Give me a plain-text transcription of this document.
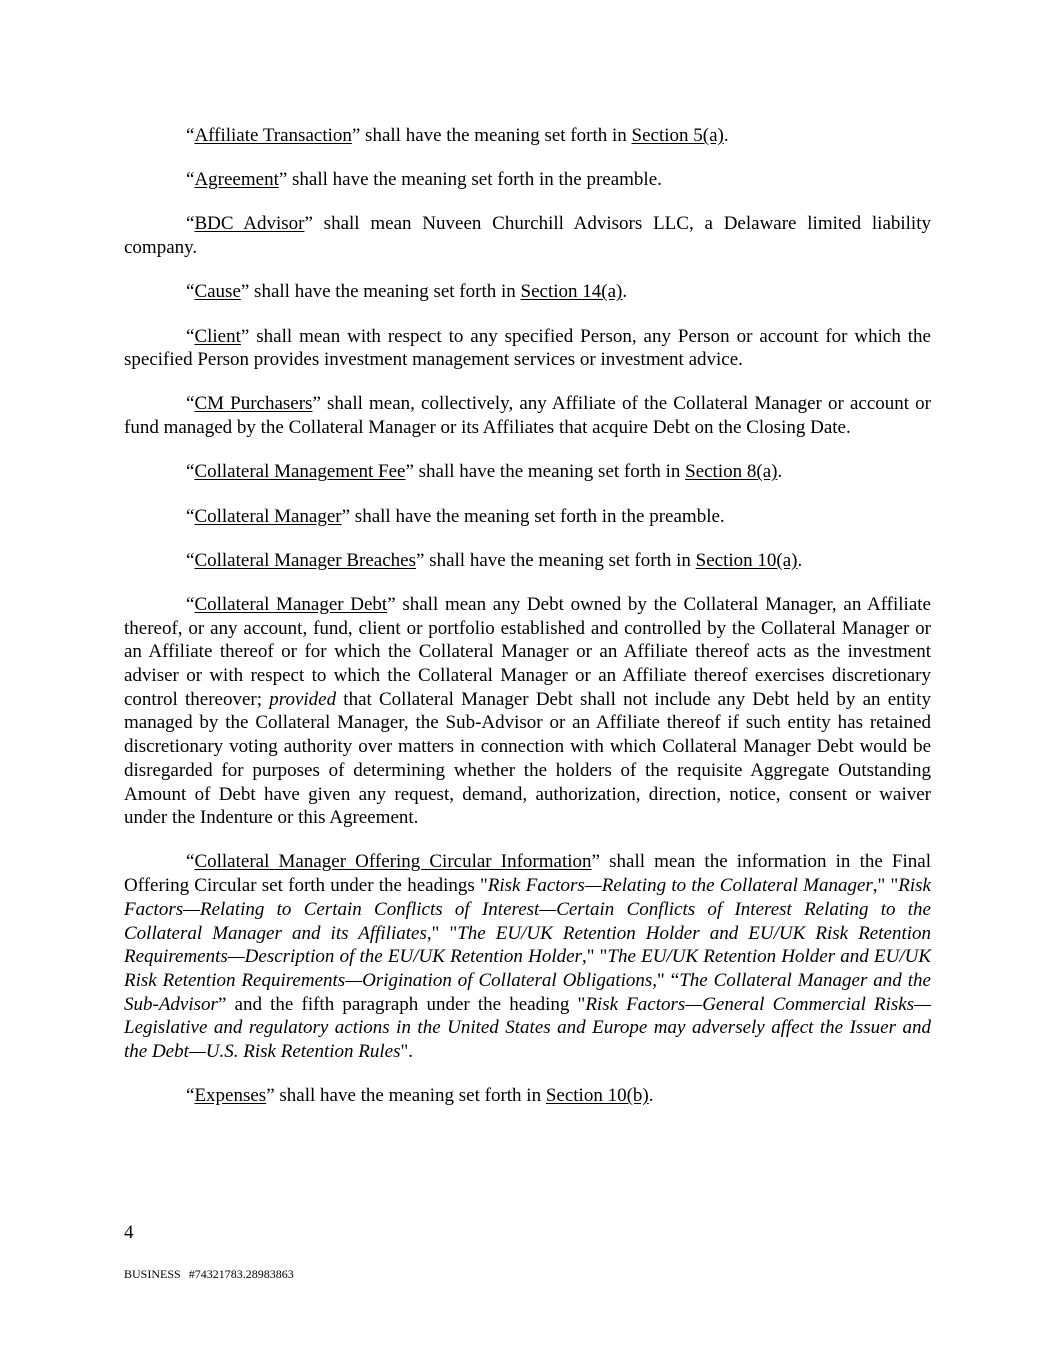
“Affiliate Transaction” shall have the meaning set forth in Section 5(a).

“Agreement” shall have the meaning set forth in the preamble.

“BDC Advisor” shall mean Nuveen Churchill Advisors LLC, a Delaware limited liability company.

“Cause” shall have the meaning set forth in Section 14(a).

“Client” shall mean with respect to any specified Person, any Person or account for which the specified Person provides investment management services or investment advice.

“CM Purchasers” shall mean, collectively, any Affiliate of the Collateral Manager or account or fund managed by the Collateral Manager or its Affiliates that acquire Debt on the Closing Date.

“Collateral Management Fee” shall have the meaning set forth in Section 8(a).

“Collateral Manager” shall have the meaning set forth in the preamble.

“Collateral Manager Breaches” shall have the meaning set forth in Section 10(a).

“Collateral Manager Debt” shall mean any Debt owned by the Collateral Manager, an Affiliate thereof, or any account, fund, client or portfolio established and controlled by the Collateral Manager or an Affiliate thereof or for which the Collateral Manager or an Affiliate thereof acts as the investment adviser or with respect to which the Collateral Manager or an Affiliate thereof exercises discretionary control thereover; provided that Collateral Manager Debt shall not include any Debt held by an entity managed by the Collateral Manager, the Sub-Advisor or an Affiliate thereof if such entity has retained discretionary voting authority over matters in connection with which Collateral Manager Debt would be disregarded for purposes of determining whether the holders of the requisite Aggregate Outstanding Amount of Debt have given any request, demand, authorization, direction, notice, consent or waiver under the Indenture or this Agreement.

“Collateral Manager Offering Circular Information” shall mean the information in the Final Offering Circular set forth under the headings "Risk Factors—Relating to the Collateral Manager," "Risk Factors—Relating to Certain Conflicts of Interest—Certain Conflicts of Interest Relating to the Collateral Manager and its Affiliates," "The EU/UK Retention Holder and EU/UK Risk Retention Requirements—Description of the EU/UK Retention Holder," "The EU/UK Retention Holder and EU/UK Risk Retention Requirements—Origination of Collateral Obligations," “The Collateral Manager and the Sub-Advisor” and the fifth paragraph under the heading "Risk Factors—General Commercial Risks—Legislative and regulatory actions in the United States and Europe may adversely affect the Issuer and the Debt—U.S. Risk Retention Rules".

“Expenses” shall have the meaning set forth in Section 10(b).

4
BUSINESS #74321783.28983863
